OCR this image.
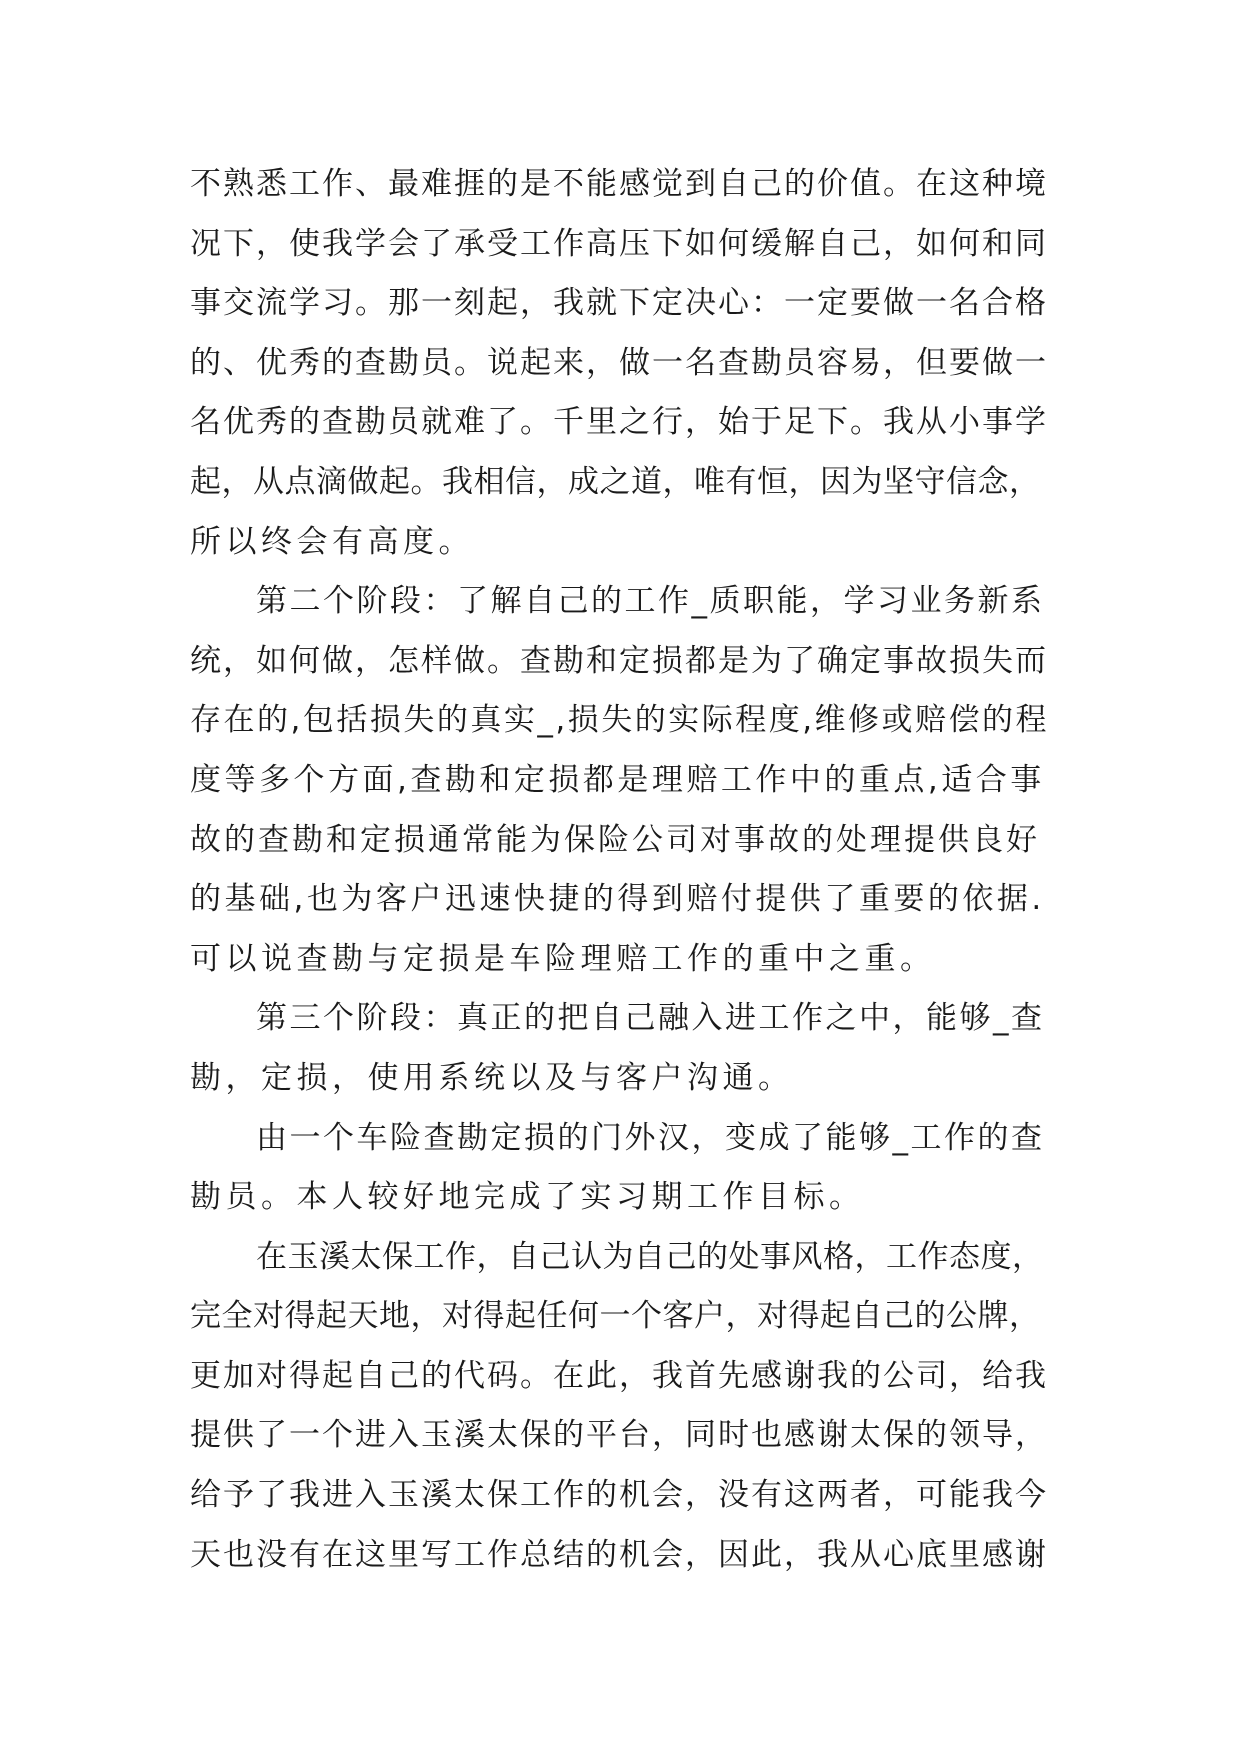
不熟悉工作、最难捱的是不能感觉到自己的价值。在这种境
况下，使我学会了承受工作高压下如何缓解自己，如何和同
事交流学习。那一刻起，我就下定决心：一定要做一名合格
的、优秀的查勘员。说起来，做一名查勘员容易，但要做一
名优秀的查勘员就难了。千里之行，始于足下。我从小事学
起，从点滴做起。我相信，成之道，唯有恒，因为坚守信念，
所以终会有高度。
第二个阶段：了解自己的工作_质职能，学习业务新系
统，如何做，怎样做。查勘和定损都是为了确定事故损失而
存在的,包括损失的真实_,损失的实际程度,维修或赔偿的程
度等多个方面,查勘和定损都是理赔工作中的重点,适合事
故的查勘和定损通常能为保险公司对事故的处理提供良好
的基础,也为客户迅速快捷的得到赔付提供了重要的依据.
可以说查勘与定损是车险理赔工作的重中之重。
第三个阶段：真正的把自己融入进工作之中，能够_查
勘，定损，使用系统以及与客户沟通。
由一个车险查勘定损的门外汉，变成了能够_工作的查
勘员。本人较好地完成了实习期工作目标。
在玉溪太保工作，自己认为自己的处事风格，工作态度，
完全对得起天地，对得起任何一个客户，对得起自己的公牌，
更加对得起自己的代码。在此，我首先感谢我的公司，给我
提供了一个进入玉溪太保的平台，同时也感谢太保的领导，
给予了我进入玉溪太保工作的机会，没有这两者，可能我今
天也没有在这里写工作总结的机会，因此，我从心底里感谢
